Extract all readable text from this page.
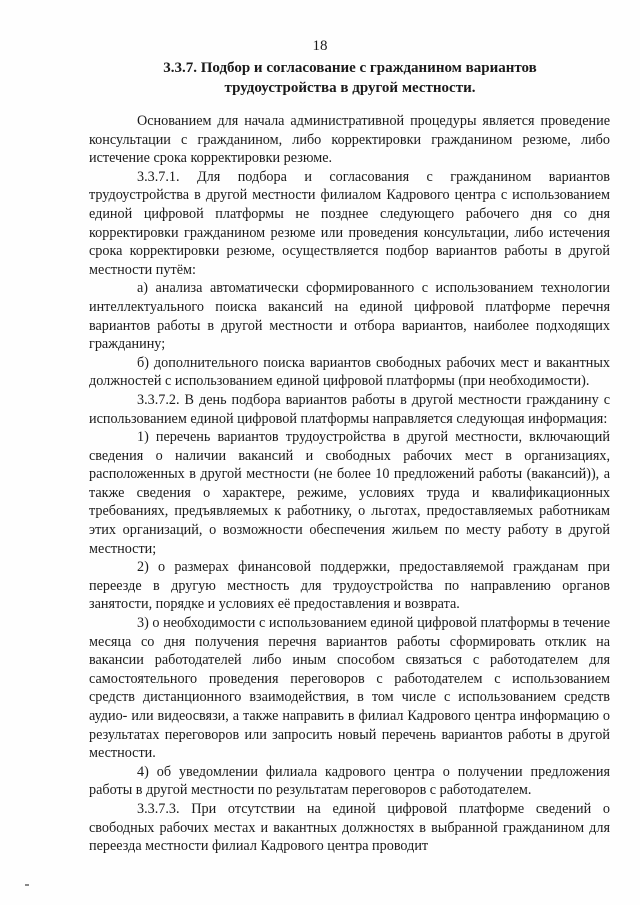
18
3.3.7. Подбор и согласование с гражданином вариантов
трудоустройства в другой местности.

Основанием для начала административной процедуры является проведение консультации с гражданином, либо корректировки гражданином резюме, либо истечение срока корректировки резюме.

3.3.7.1. Для подбора и согласования с гражданином вариантов трудоустройства в другой местности филиалом Кадрового центра с использованием единой цифровой платформы не позднее следующего рабочего дня со дня корректировки гражданином резюме или проведения консультации, либо истечения срока корректировки резюме, осуществляется подбор вариантов работы в другой местности путём:

а) анализа автоматически сформированного с использованием технологии интеллектуального поиска вакансий на единой цифровой платформе перечня вариантов работы в другой местности и отбора вариантов, наиболее подходящих гражданину;

б) дополнительного поиска вариантов свободных рабочих мест и вакантных должностей с использованием единой цифровой платформы (при необходимости).

3.3.7.2. В день подбора вариантов работы в другой местности гражданину с использованием единой цифровой платформы направляется следующая информация:

1) перечень вариантов трудоустройства в другой местности, включающий сведения о наличии вакансий и свободных рабочих мест в организациях, расположенных в другой местности (не более 10 предложений работы (вакансий)), а также сведения о характере, режиме, условиях труда и квалификационных требованиях, предъявляемых к работнику, о льготах, предоставляемых работникам этих организаций, о возможности обеспечения жильем по месту работу в другой местности;

2) о размерах финансовой поддержки, предоставляемой гражданам при переезде в другую местность для трудоустройства по направлению органов занятости, порядке и условиях её предоставления и возврата.

3) о необходимости с использованием единой цифровой платформы в течение месяца со дня получения перечня вариантов работы сформировать отклик на вакансии работодателей либо иным способом связаться с работодателем для самостоятельного проведения переговоров с работодателем с использованием средств дистанционного взаимодействия, в том числе с использованием средств аудио- или видеосвязи, а также направить в филиал Кадрового центра информацию о результатах переговоров или запросить новый перечень вариантов работы в другой местности.

4) об уведомлении филиала кадрового центра о получении предложения работы в другой местности по результатам переговоров с работодателем.

3.3.7.3. При отсутствии на единой цифровой платформе сведений о свободных рабочих местах и вакантных должностях в выбранной гражданином для переезда местности филиал Кадрового центра проводит
